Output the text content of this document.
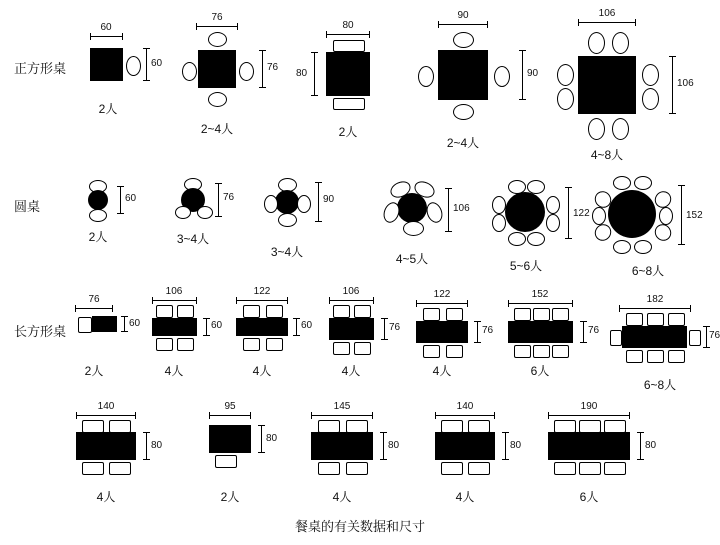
正方形桌
圆桌
长方形桌
60
60
2人
76
76
2~4人
80
80
2人
90
90
2~4人
106
106
4~8人
60
2人
76
3~4人
90
3~4人
106
4~5人
122
5~6人
152
6~8人
76
60
2人
106
60
4人
122
60
4人
106
76
4人
122
76
4人
152
76
6人
182
76
6~8人
140
80
4人
95
80
2人
145
80
4人
140
80
4人
190
80
6人
餐桌的有关数据和尺寸
